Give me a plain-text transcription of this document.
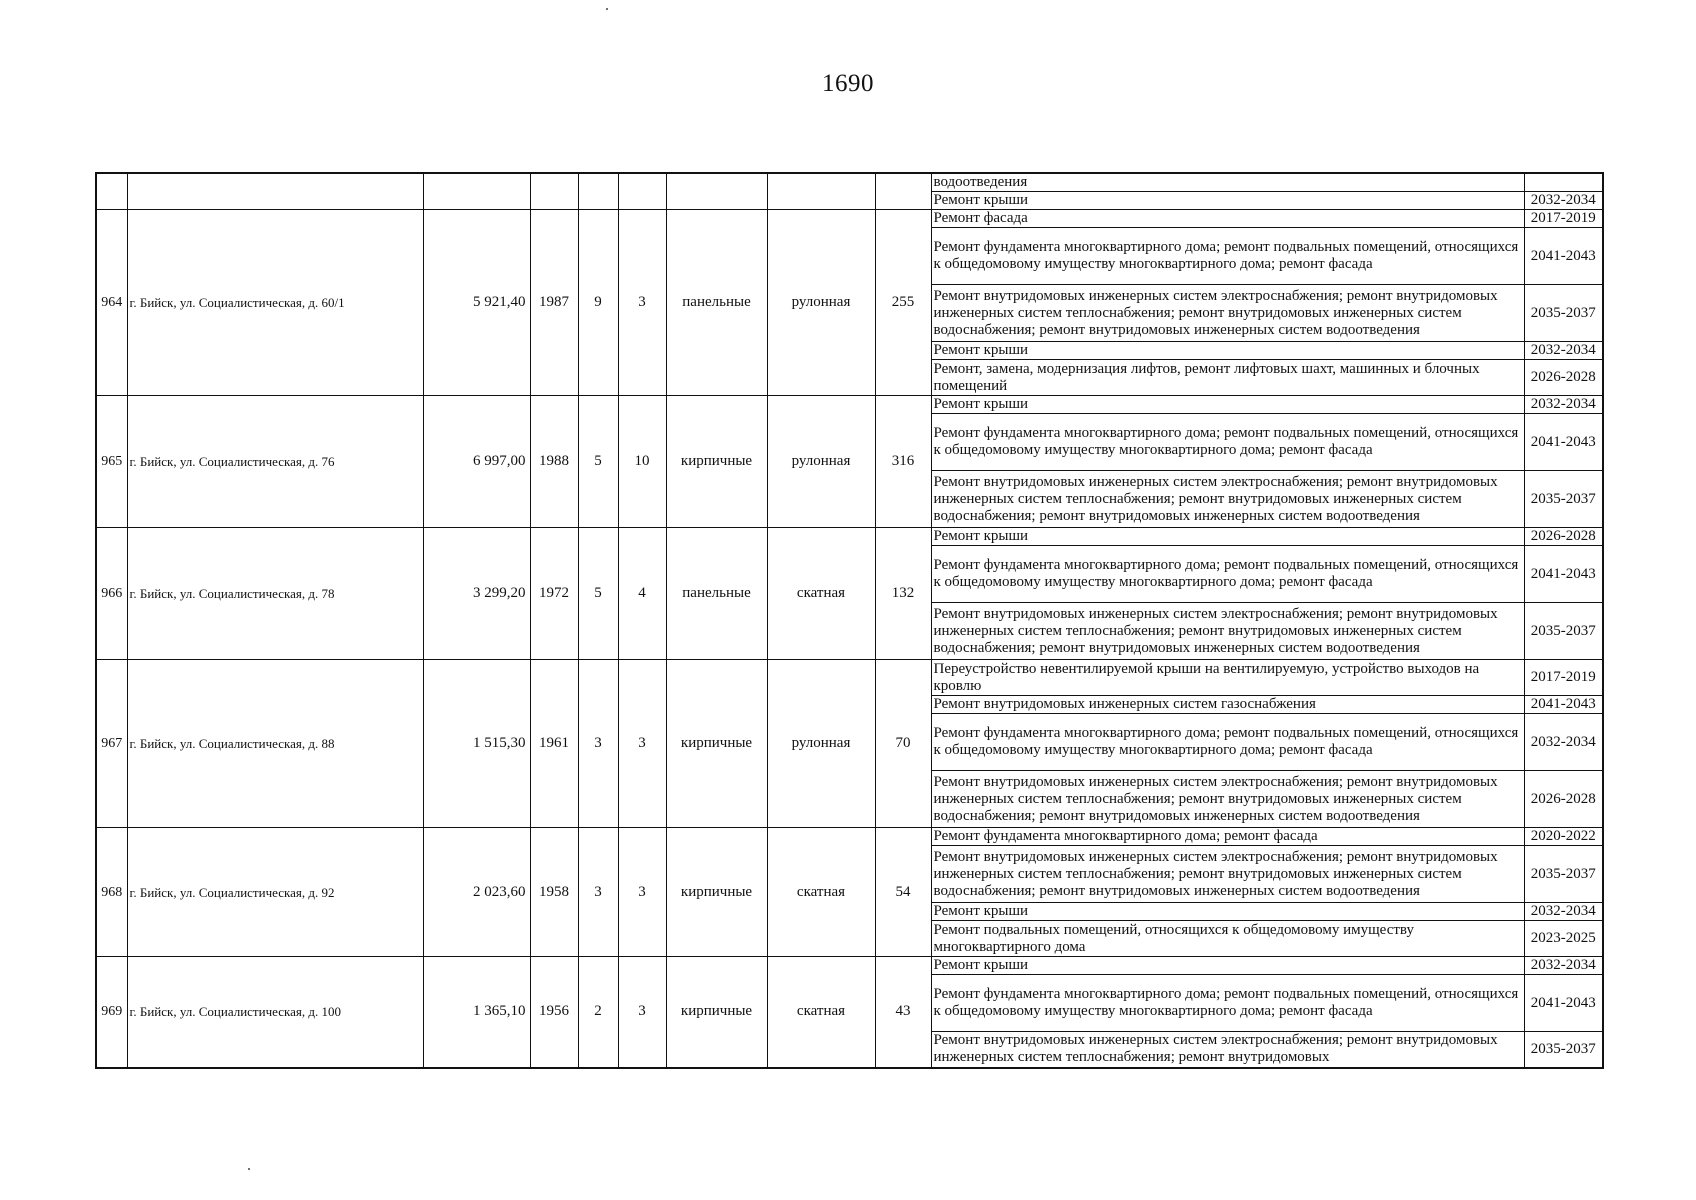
1690
									водоотведения	
									Ремонт крыши	2032-2034
964	г. Бийск, ул. Социалистическая, д. 60/1	5 921,40	1987	9	3	панельные	рулонная	255	Ремонт фасада	2017-2019
									Ремонт фундамента многоквартирного дома; ремонт подвальных помещений, относящихся к общедомовому имуществу многоквартирного дома; ремонт фасада	2041-2043
									Ремонт внутридомовых инженерных систем электроснабжения; ремонт внутридомовых инженерных систем теплоснабжения; ремонт внутридомовых инженерных систем водоснабжения; ремонт внутридомовых инженерных систем водоотведения	2035-2037
									Ремонт крыши	2032-2034
									Ремонт, замена, модернизация лифтов, ремонт лифтовых шахт, машинных и блочных помещений	2026-2028
965	г. Бийск, ул. Социалистическая, д. 76	6 997,00	1988	5	10	кирпичные	рулонная	316	Ремонт крыши	2032-2034
									Ремонт фундамента многоквартирного дома; ремонт подвальных помещений, относящихся к общедомовому имуществу многоквартирного дома; ремонт фасада	2041-2043
									Ремонт внутридомовых инженерных систем электроснабжения; ремонт внутридомовых инженерных систем теплоснабжения; ремонт внутридомовых инженерных систем водоснабжения; ремонт внутридомовых инженерных систем водоотведения	2035-2037
966	г. Бийск, ул. Социалистическая, д. 78	3 299,20	1972	5	4	панельные	скатная	132	Ремонт крыши	2026-2028
									Ремонт фундамента многоквартирного дома; ремонт подвальных помещений, относящихся к общедомовому имуществу многоквартирного дома; ремонт фасада	2041-2043
									Ремонт внутридомовых инженерных систем электроснабжения; ремонт внутридомовых инженерных систем теплоснабжения; ремонт внутридомовых инженерных систем водоснабжения; ремонт внутридомовых инженерных систем водоотведения	2035-2037
967	г. Бийск, ул. Социалистическая, д. 88	1 515,30	1961	3	3	кирпичные	рулонная	70	Переустройство невентилируемой крыши на вентилируемую, устройство выходов на кровлю	2017-2019
									Ремонт внутридомовых инженерных систем газоснабжения	2041-2043
									Ремонт фундамента многоквартирного дома; ремонт подвальных помещений, относящихся к общедомовому имуществу многоквартирного дома; ремонт фасада	2032-2034
									Ремонт внутридомовых инженерных систем электроснабжения; ремонт внутридомовых инженерных систем теплоснабжения; ремонт внутридомовых инженерных систем водоснабжения; ремонт внутридомовых инженерных систем водоотведения	2026-2028
968	г. Бийск, ул. Социалистическая, д. 92	2 023,60	1958	3	3	кирпичные	скатная	54	Ремонт фундамента многоквартирного дома; ремонт фасада	2020-2022
									Ремонт внутридомовых инженерных систем электроснабжения; ремонт внутридомовых инженерных систем теплоснабжения; ремонт внутридомовых инженерных систем водоснабжения; ремонт внутридомовых инженерных систем водоотведения	2035-2037
									Ремонт крыши	2032-2034
									Ремонт подвальных помещений, относящихся к общедомовому имуществу многоквартирного дома	2023-2025
969	г. Бийск, ул. Социалистическая, д. 100	1 365,10	1956	2	3	кирпичные	скатная	43	Ремонт крыши	2032-2034
									Ремонт фундамента многоквартирного дома; ремонт подвальных помещений, относящихся к общедомовому имуществу многоквартирного дома; ремонт фасада	2041-2043
									Ремонт внутридомовых инженерных систем электроснабжения; ремонт внутридомовых инженерных систем теплоснабжения; ремонт внутридомовых	2035-2037
